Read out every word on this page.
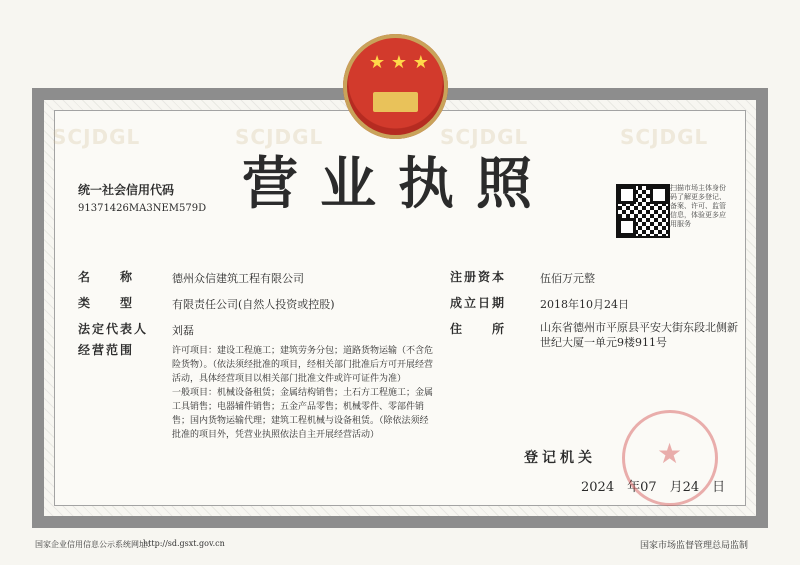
SCJDGL	SCJDGL	SCJDGL	SCJDGL
★ ★ ★
营业执照
统一社会信用代码
91371426MA3NEM579D
扫描市场主体身份码了解更多登记、备案、许可、监管信息，体验更多应用服务
名　　称	德州众信建筑工程有限公司
类　　型	有限责任公司(自然人投资或控股)
法定代表人 刘磊
经营范围	许可项目：建设工程施工；建筑劳务分包；道路货物运输（不含危险货物）。（依法须经批准的项目，经相关部门批准后方可开展经营活动，具体经营项目以相关部门批准文件或许可证件为准）
一般项目：机械设备租赁；金属结构销售；土石方工程施工；金属工具销售；电器辅件销售；五金产品零售；机械零件、零部件销售；国内货物运输代理；建筑工程机械与设备租赁。（除依法须经批准的项目外，凭营业执照依法自主开展经营活动）
注册资本	伍佰万元整
成立日期	2018年10月24日
住　　所	山东省德州市平原县平安大街东段北侧新世纪大厦一单元9楼911号
登记机关
2024　年07　月24　日
★
国家企业信用信息公示系统网址：
http://sd.gsxt.gov.cn	国家市场监督管理总局监制
